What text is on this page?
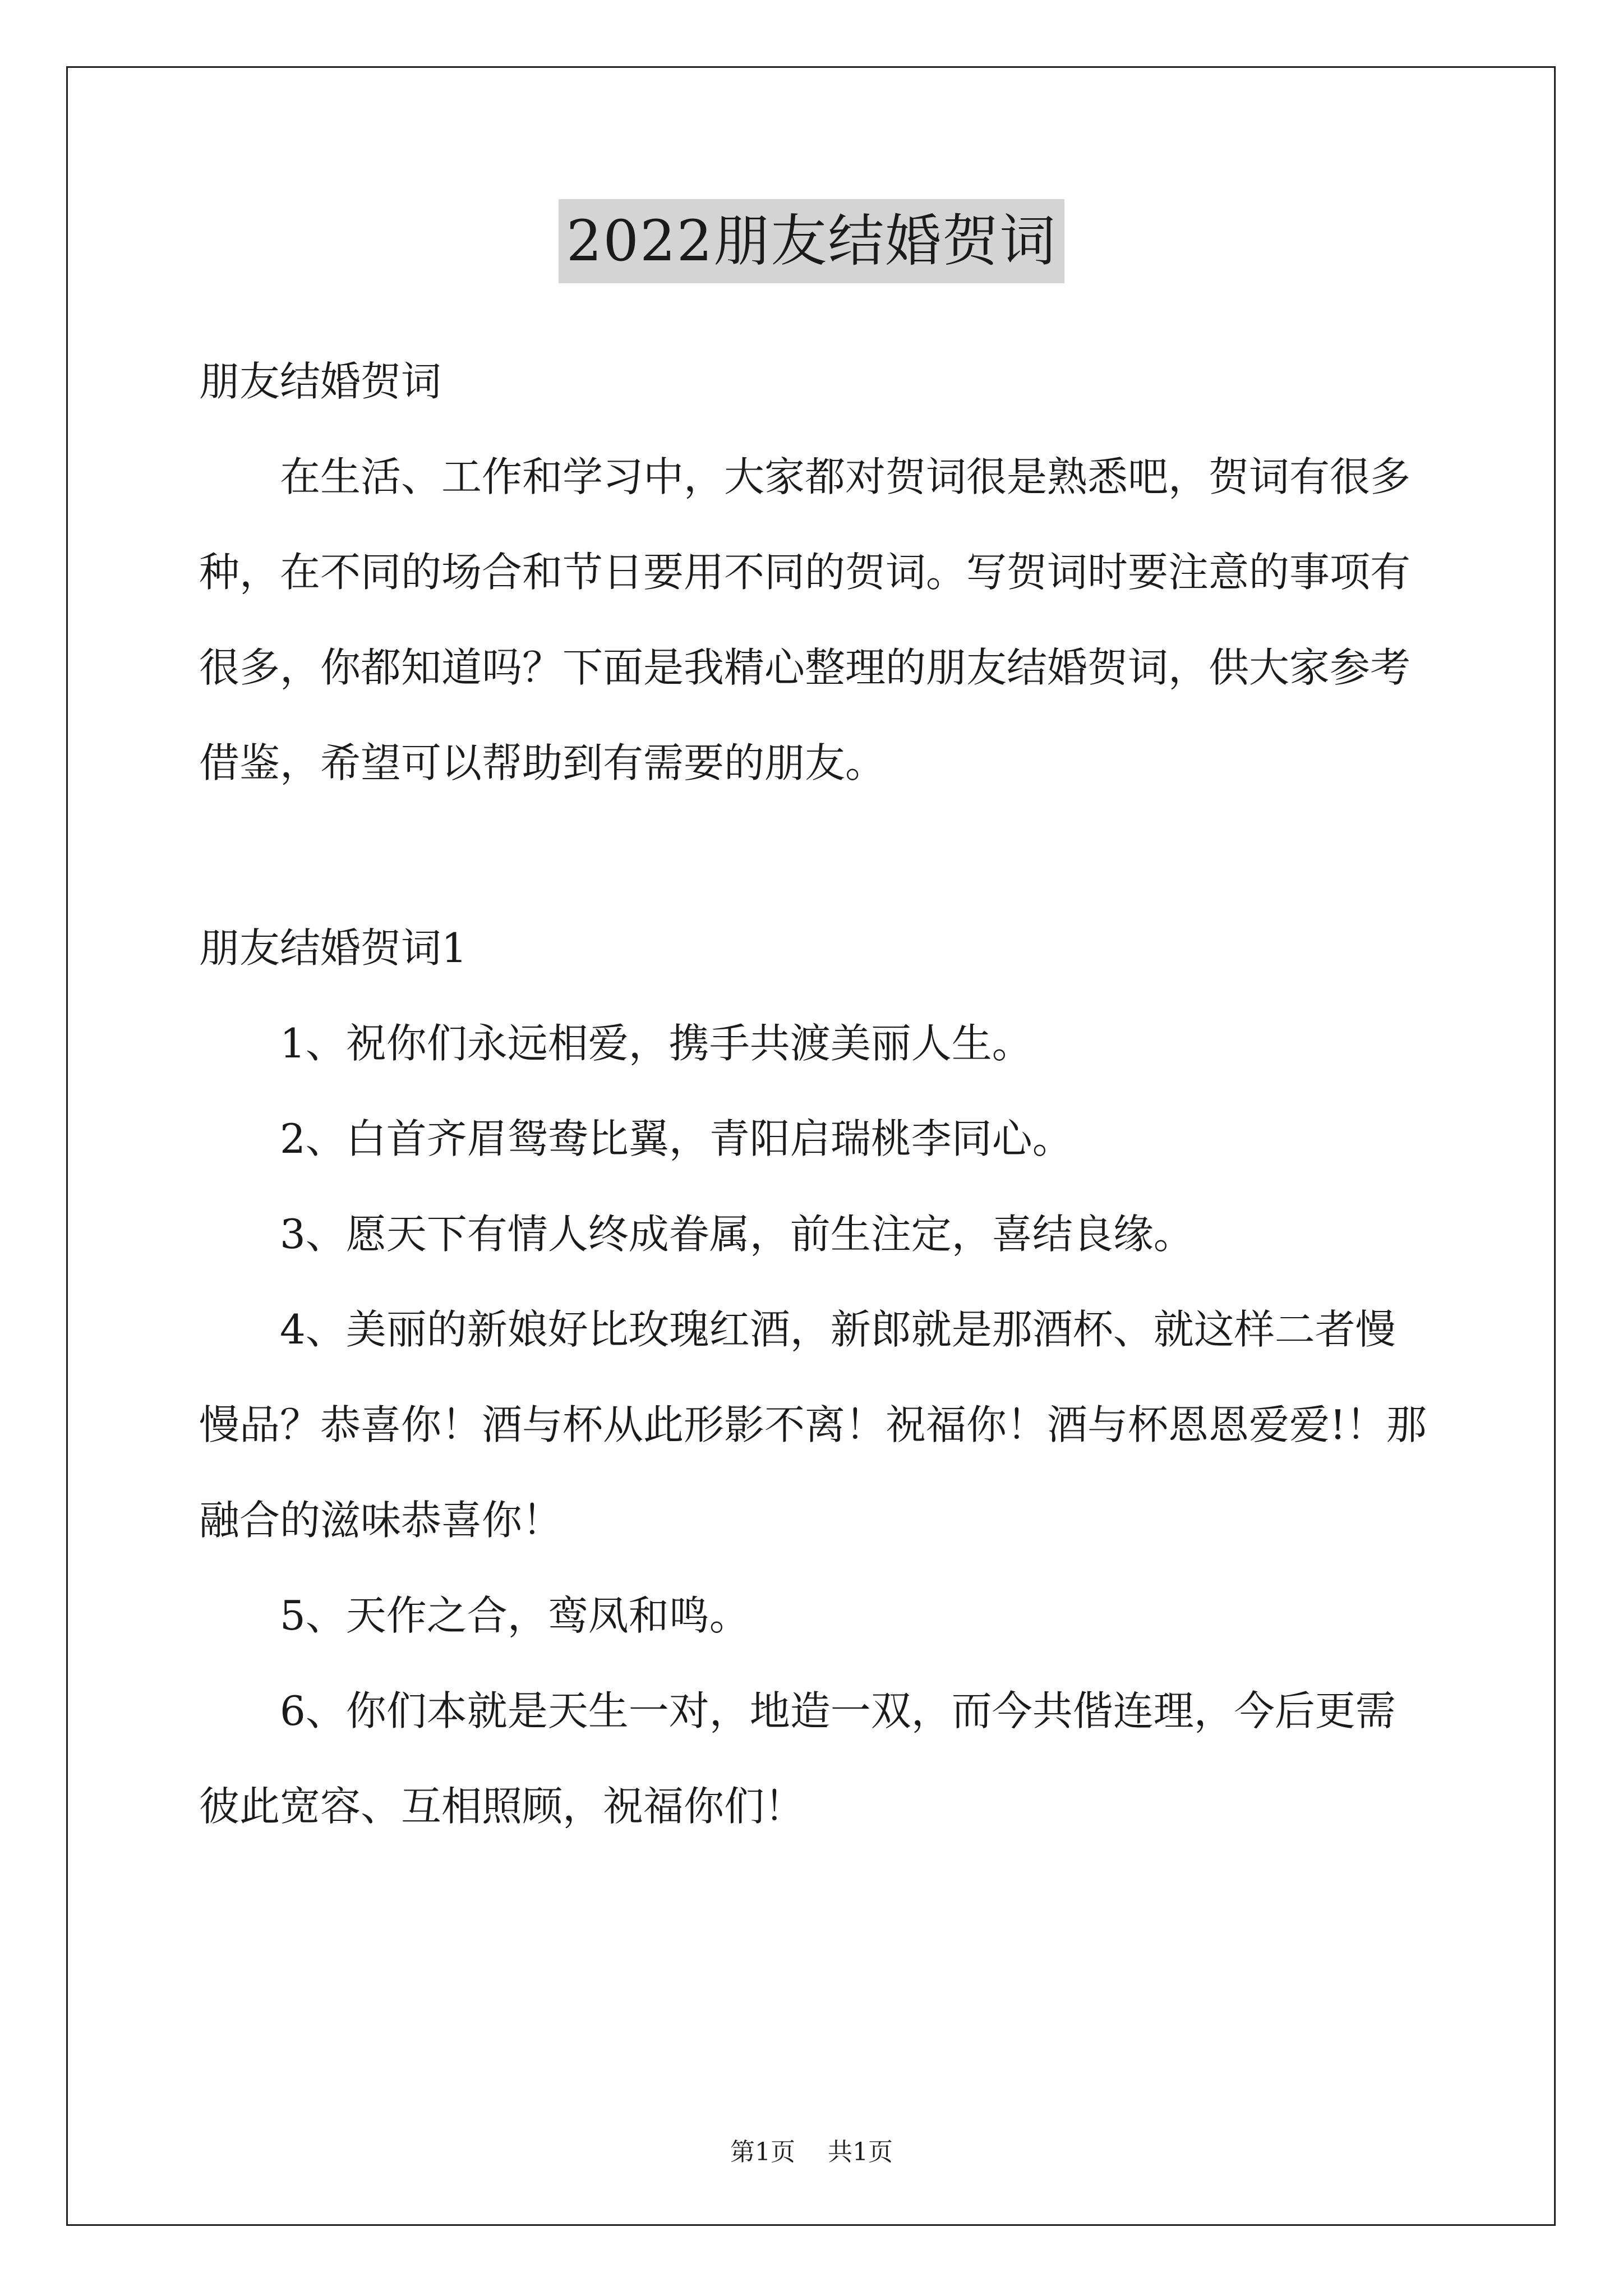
2022朋友结婚贺词

朋友结婚贺词

在生活、工作和学习中，大家都对贺词很是熟悉吧，贺词有很多种，在不同的场合和节日要用不同的贺词。写贺词时要注意的事项有很多，你都知道吗？下面是我精心整理的朋友结婚贺词，供大家参考借鉴，希望可以帮助到有需要的朋友。

朋友结婚贺词1

1、祝你们永远相爱，携手共渡美丽人生。

2、白首齐眉鸳鸯比翼，青阳启瑞桃李同心。

3、愿天下有情人终成眷属，前生注定，喜结良缘。

4、美丽的新娘好比玫瑰红酒，新郎就是那酒杯、就这样二者慢慢品？恭喜你！酒与杯从此形影不离！祝福你！酒与杯恩恩爱爱!！那融合的滋味恭喜你！

5、天作之合，鸾凤和鸣。

6、你们本就是天生一对，地造一双，而今共偕连理，今后更需彼此宽容、互相照顾，祝福你们！

第1页 共1页
